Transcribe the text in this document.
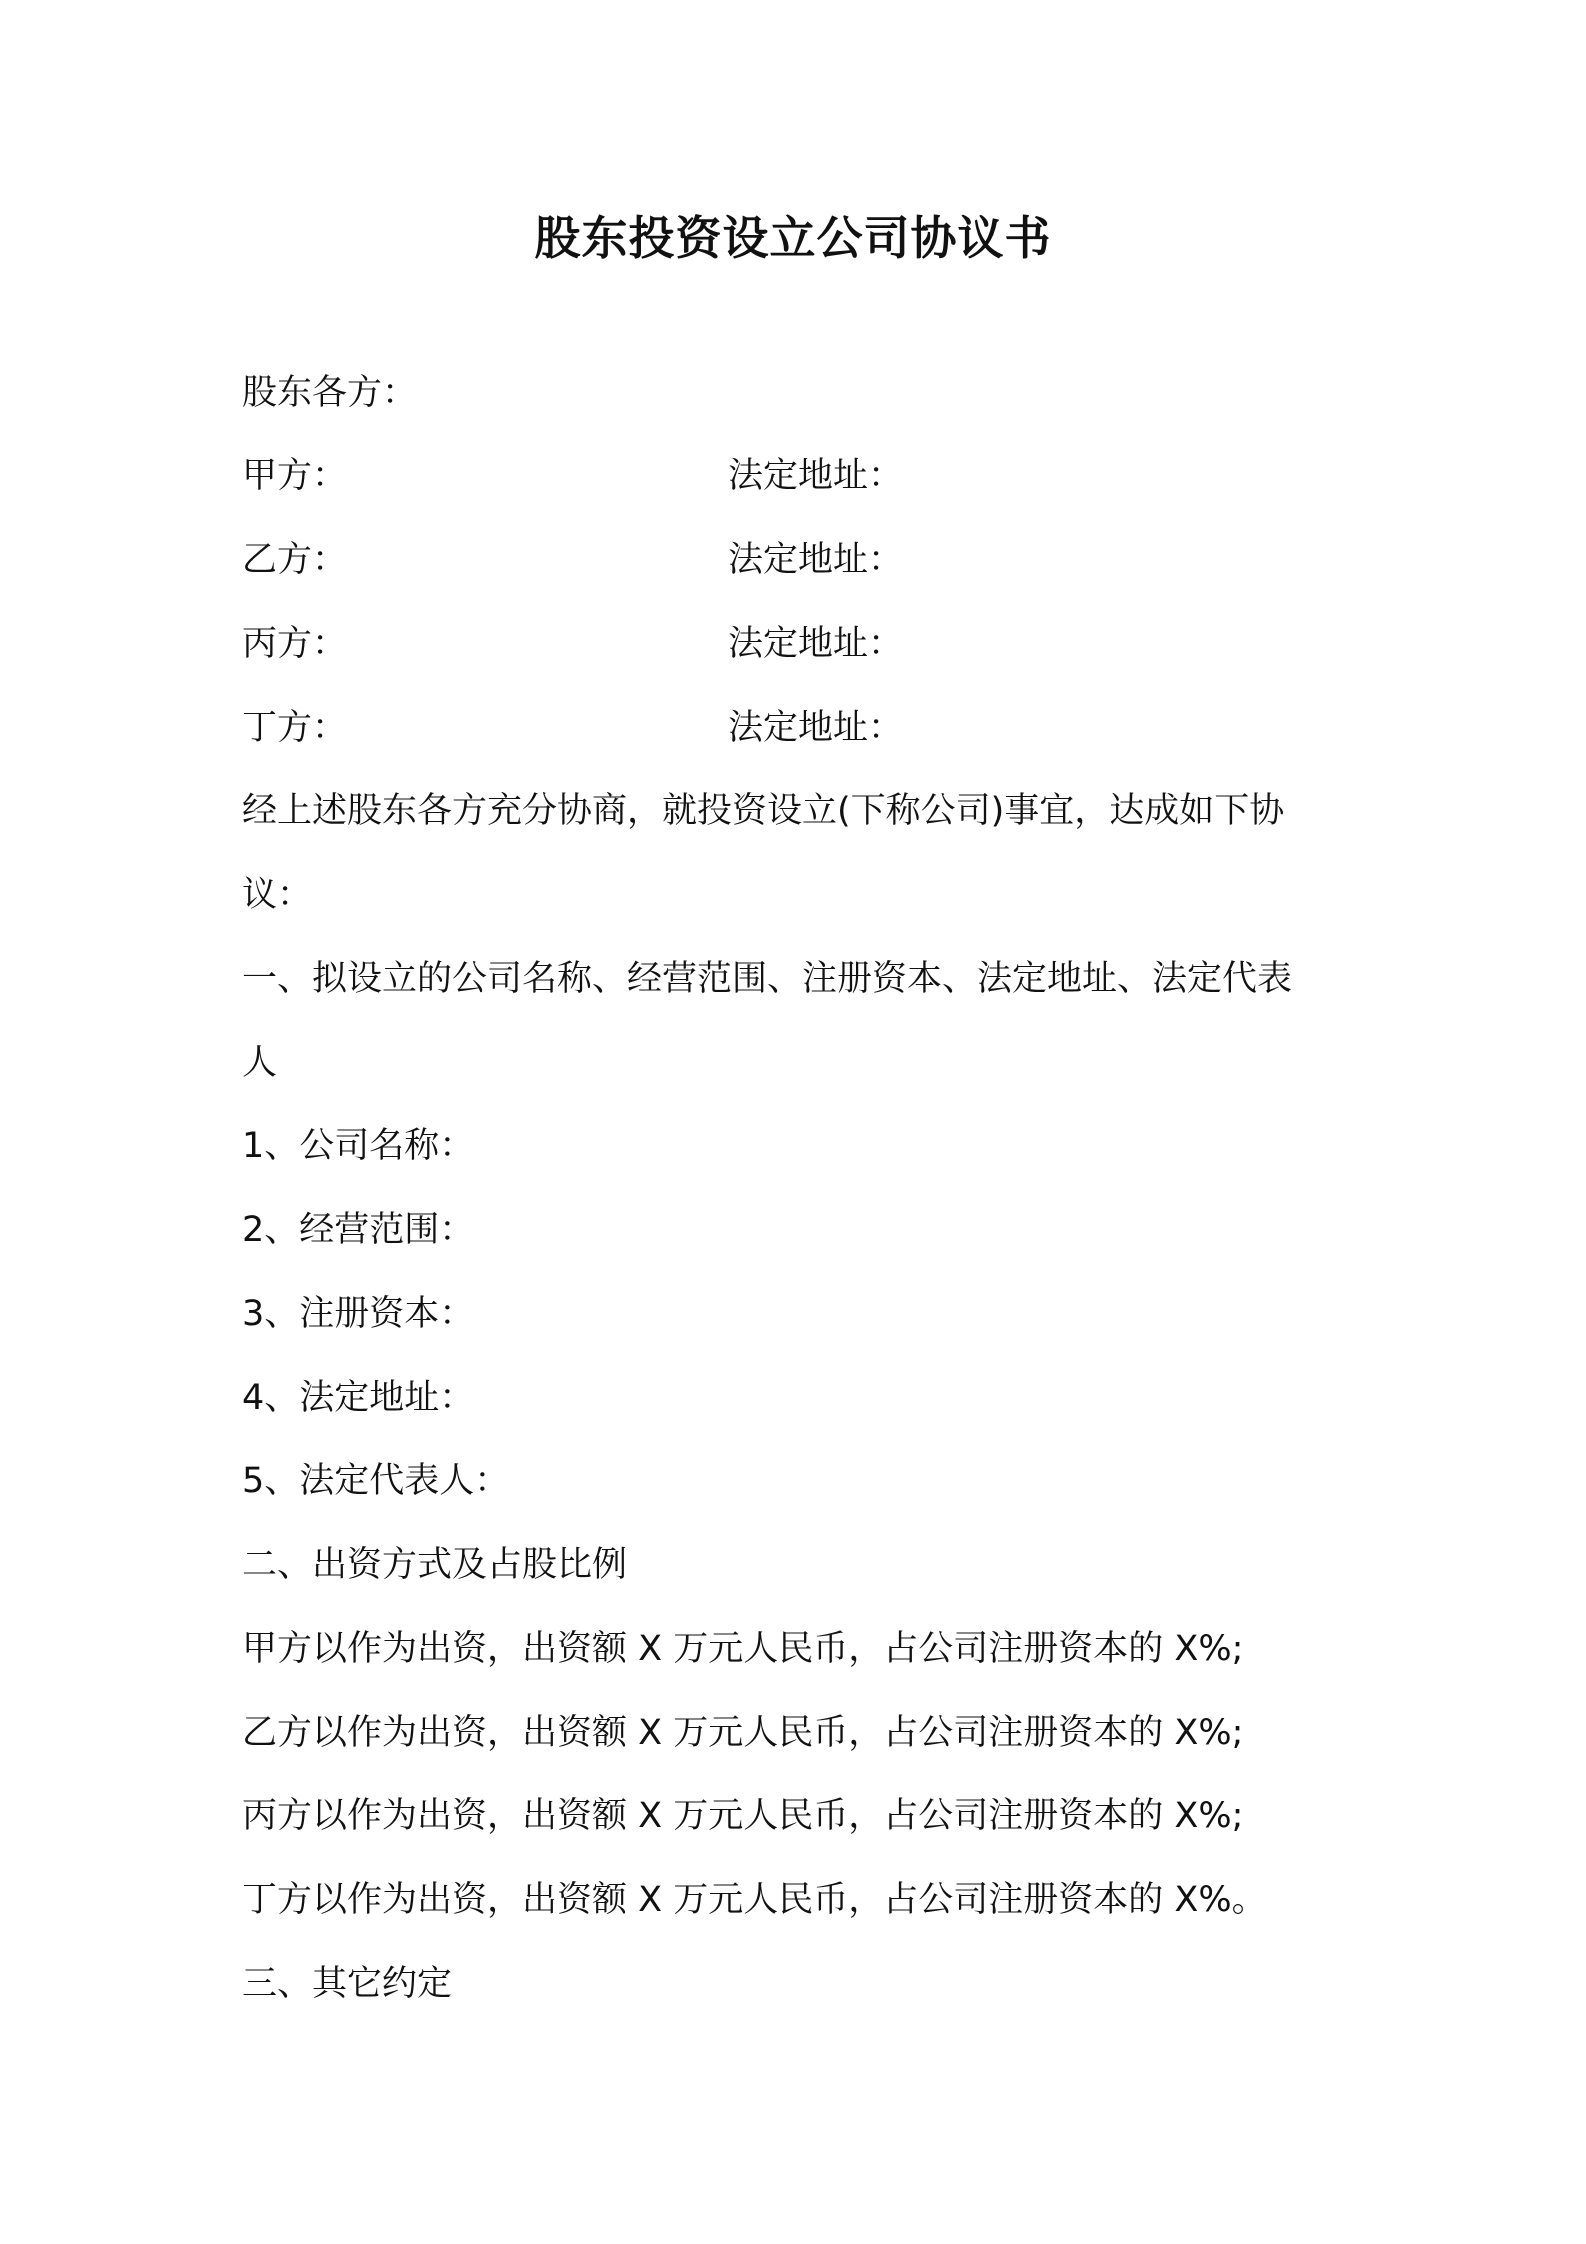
股东投资设立公司协议书
股东各方：
甲方：	法定地址：
乙方：	法定地址：
丙方：	法定地址：
丁方：	法定地址：
经上述股东各方充分协商，就投资设立(下称公司)事宜，达成如下协
议：
一、拟设立的公司名称、经营范围、注册资本、法定地址、法定代表
人
1、公司名称：
2、经营范围：
3、注册资本：
4、法定地址：
5、法定代表人：
二、出资方式及占股比例
甲方以作为出资，出资额 X 万元人民币，占公司注册资本的 X%;
乙方以作为出资，出资额 X 万元人民币，占公司注册资本的 X%;
丙方以作为出资，出资额 X 万元人民币，占公司注册资本的 X%;
丁方以作为出资，出资额 X 万元人民币，占公司注册资本的 X%。
三、其它约定
